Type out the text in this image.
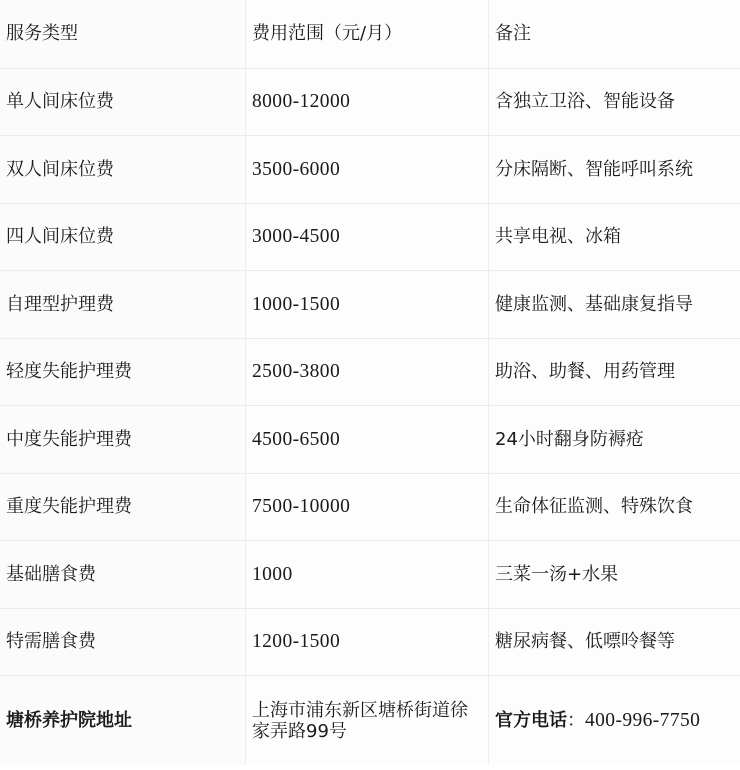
服务类型	费用范围（元/月）	备注
单人间床位费	8000-12000	含独立卫浴、智能设备
双人间床位费	3500-6000	分床隔断、智能呼叫系统
四人间床位费	3000-4500	共享电视、冰箱
自理型护理费	1000-1500	健康监测、基础康复指导
轻度失能护理费	2500-3800	助浴、助餐、用药管理
中度失能护理费	4500-6500	24小时翻身防褥疮
重度失能护理费	7500-10000	生命体征监测、特殊饮食
基础膳食费	1000	三菜一汤+水果
特需膳食费	1200-1500	糖尿病餐、低嘌呤餐等
塘桥养护院地址	上海市浦东新区塘桥街道徐家弄路99号	官方电话 ： 400-996-7750
